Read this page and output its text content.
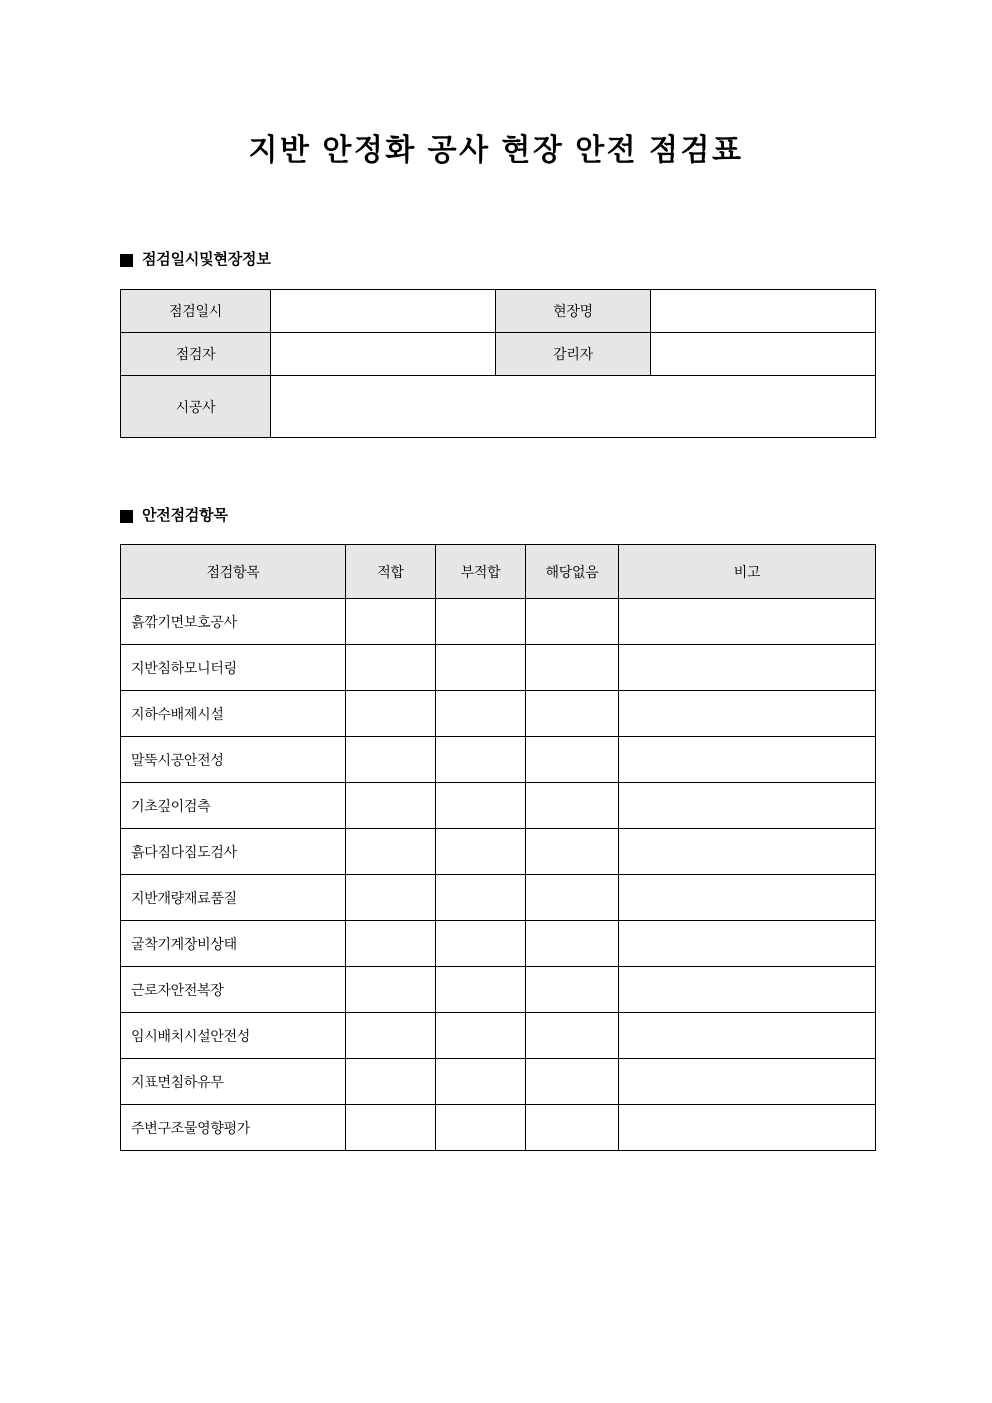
지반 안정화 공사 현장 안전 점검표
점검일시및현장정보
점검일시		현장명	
점검자		감리자	
시공사			
안전점검항목
점검항목	적합	부적합	해당없음	비고
흙깎기면보호공사				
지반침하모니터링				
지하수배제시설				
말뚝시공안전성				
기초깊이검측				
흙다짐다짐도검사				
지반개량재료품질				
굴착기계장비상태				
근로자안전복장				
임시배치시설안전성				
지표면침하유무				
주변구조물영향평가				
